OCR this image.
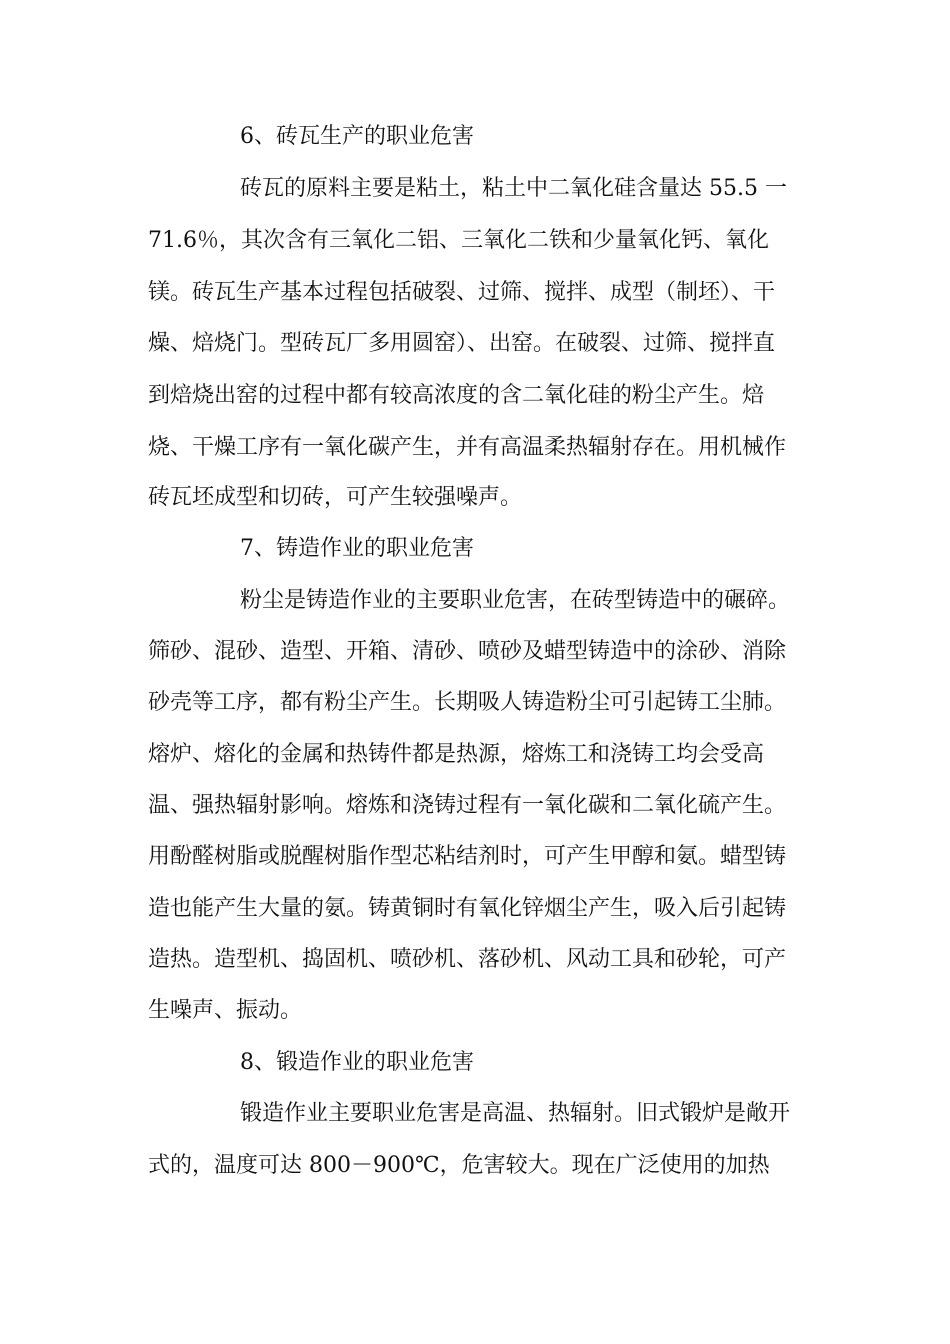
6、砖瓦生产的职业危害
砖瓦的原料主要是粘土，粘土中二氧化硅含量达 55.5 一
71.6％，其次含有三氧化二铝、三氧化二铁和少量氧化钙、氧化
镁。砖瓦生产基本过程包括破裂、过筛、搅拌、成型（制坯）、干
燥、焙烧门。型砖瓦厂多用圆窑）、出窑。在破裂、过筛、搅拌直
到焙烧出窑的过程中都有较高浓度的含二氧化硅的粉尘产生。焙
烧、干燥工序有一氧化碳产生，并有高温柔热辐射存在。用机械作
砖瓦坯成型和切砖，可产生较强噪声。
7、铸造作业的职业危害
粉尘是铸造作业的主要职业危害，在砖型铸造中的碾碎。
筛砂、混砂、造型、开箱、清砂、喷砂及蜡型铸造中的涂砂、消除
砂壳等工序，都有粉尘产生。长期吸人铸造粉尘可引起铸工尘肺。
熔炉、熔化的金属和热铸件都是热源，熔炼工和浇铸工均会受高
温、强热辐射影响。熔炼和浇铸过程有一氧化碳和二氧化硫产生。
用酚醛树脂或脱醒树脂作型芯粘结剂时，可产生甲醇和氨。蜡型铸
造也能产生大量的氨。铸黄铜时有氧化锌烟尘产生，吸入后引起铸
造热。造型机、捣固机、喷砂机、落砂机、风动工具和砂轮，可产
生噪声、振动。
8、锻造作业的职业危害
锻造作业主要职业危害是高温、热辐射。旧式锻炉是敞开
式的，温度可达 800－900℃，危害较大。现在广泛使用的加热
